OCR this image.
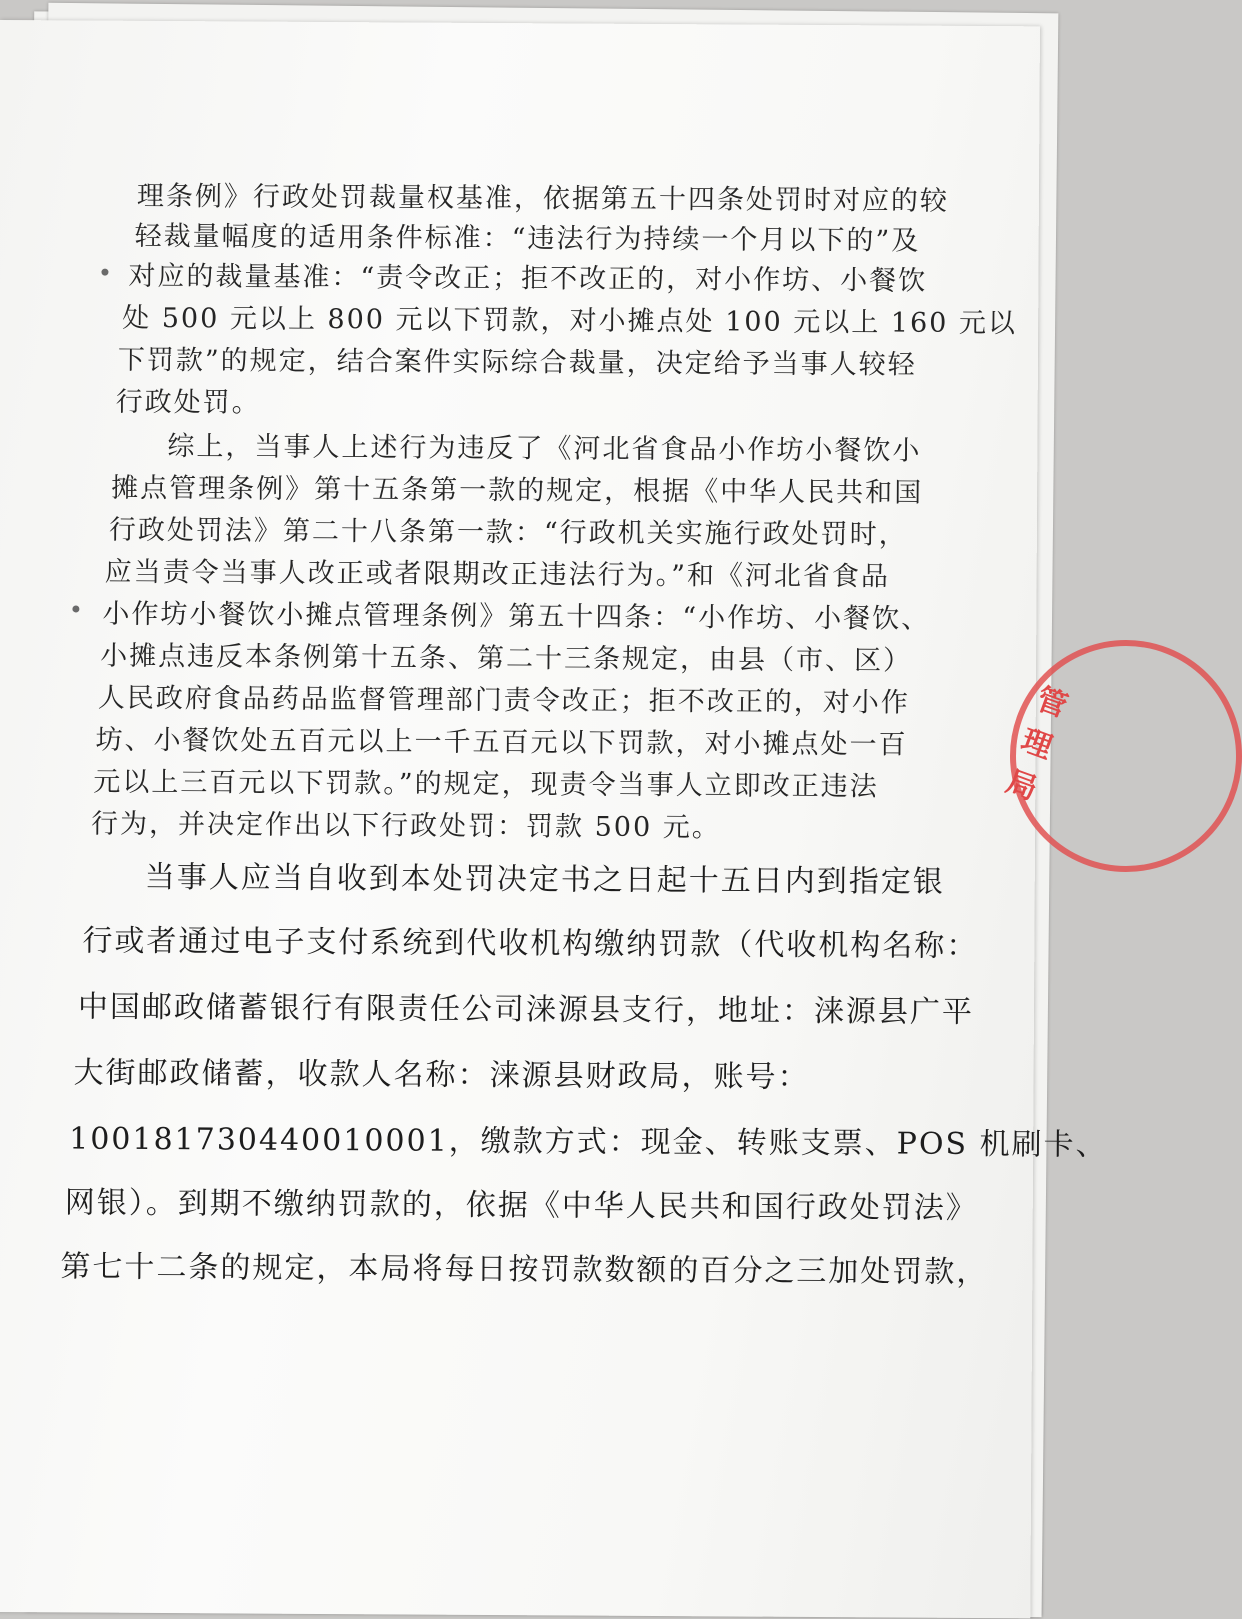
理条例》行政处罚裁量权基准，依据第五十四条处罚时对应的较
轻裁量幅度的适用条件标准：“违法行为持续一个月以下的”及
对应的裁量基准：“责令改正；拒不改正的，对小作坊、小餐饮
处 500 元以上 800 元以下罚款，对小摊点处 100 元以上 160 元以
下罚款”的规定，结合案件实际综合裁量，决定给予当事人较轻
行政处罚。
综上，当事人上述行为违反了《河北省食品小作坊小餐饮小
摊点管理条例》第十五条第一款的规定，根据《中华人民共和国
行政处罚法》第二十八条第一款：“行政机关实施行政处罚时，
应当责令当事人改正或者限期改正违法行为。”和《河北省食品
小作坊小餐饮小摊点管理条例》第五十四条：“小作坊、小餐饮、
小摊点违反本条例第十五条、第二十三条规定，由县（市、区）
人民政府食品药品监督管理部门责令改正；拒不改正的，对小作
坊、小餐饮处五百元以上一千五百元以下罚款，对小摊点处一百
元以上三百元以下罚款。”的规定，现责令当事人立即改正违法
行为，并决定作出以下行政处罚：罚款 500 元。
当事人应当自收到本处罚决定书之日起十五日内到指定银
行或者通过电子支付系统到代收机构缴纳罚款（代收机构名称：
中国邮政储蓄银行有限责任公司涞源县支行，地址：涞源县广平
大街邮政储蓄，收款人名称：涞源县财政局，账号：
100181730440010001，缴款方式：现金、转账支票、POS 机刷卡、
网银）。到期不缴纳罚款的，依据《中华人民共和国行政处罚法》
第七十二条的规定，本局将每日按罚款数额的百分之三加处罚款，
管理局
